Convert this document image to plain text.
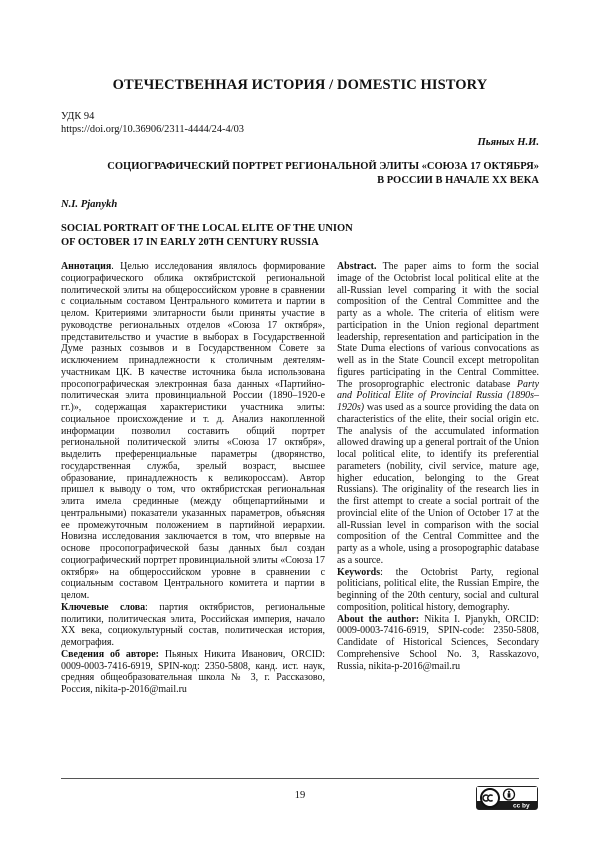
ОТЕЧЕСТВЕННАЯ ИСТОРИЯ / DOMESTIC HISTORY
УДК 94
https://doi.org/10.36906/2311-4444/24-4/03
Пьяных Н.И.
СОЦИОГРАФИЧЕСКИЙ ПОРТРЕТ РЕГИОНАЛЬНОЙ ЭЛИТЫ «СОЮЗА 17 ОКТЯБРЯ»
В РОССИИ В НАЧАЛЕ XX ВЕКА
N.I. Pjanykh
SOCIAL PORTRAIT OF THE LOCAL ELITE OF THE UNION
OF OCTOBER 17 IN EARLY 20TH CENTURY RUSSIA

Аннотация. Целью исследования являлось формирование социографического облика октябристской региональной политической элиты на общероссийском уровне в сравнении с социальным составом Центрального комитета и партии в целом. Критериями элитарности были приняты участие в руководстве региональных отделов «Союза 17 октября», представительство и участие в выборах в Государственной Думе разных созывов и в Государственном Совете за исключением принадлежности к столичным деятелям-участникам ЦК. В качестве источника была использована просопографическая электронная база данных «Партийно-политическая элита провинциальной России (1890–1920-е гг.)», содержащая характеристики участника элиты: социальное происхождение и т. д. Анализ накопленной информации позволил составить общий портрет региональной политической элиты «Союза 17 октября», выделить преференциальные параметры (дворянство, государственная служба, зрелый возраст, высшее образование, принадлежность к великороссам). Автор пришел к выводу о том, что октябристская региональная элита имела срединные (между общепартийными и центральными) показатели указанных параметров, объясняя ее промежуточным положением в партийной иерархии. Новизна исследования заключается в том, что впервые на основе просопографической базы данных был создан социографический портрет провинциальной элиты «Союза 17 октября» на общероссийском уровне в сравнении с социальным составом Центрального комитета и партии в целом.

Ключевые слова: партия октябристов, региональные политики, политическая элита, Российская империя, начало XX века, социокультурный состав, политическая история, демография.

Сведения об авторе: Пьяных Никита Иванович, ORCID: 0009-0003-7416-6919, SPIN-код: 2350-5808, канд. ист. наук, средняя общеобразовательная школа № 3, г. Рассказово, Россия, nikita-p-2016@mail.ru

Abstract. The paper aims to form the social image of the Octobrist local political elite at the all-Russian level comparing it with the social composition of the Central Committee and the party as a whole. The criteria of elitism were participation in the Union regional department leadership, representation and participation in the State Duma elections of various convocations as well as in the State Council except metropolitan figures participating in the Central Committee. The prosoprographic electronic database Party and Political Elite of Provincial Russia (1890s–1920s) was used as a source providing the data on characteristics of the elite, their social origin etc. The analysis of the accumulated information allowed drawing up a general portrait of the Union local political elite, to identify its preferential parameters (nobility, civil service, mature age, higher education, belonging to the Great Russians). The originality of the research lies in the first attempt to create a social portrait of the provincial elite of the Union of October 17 at the all-Russian level in comparison with the social composition of the Central Committee and the party as a whole, using a prosopographic database as a source.

Keywords: the Octobrist Party, regional politicians, political elite, the Russian Empire, the beginning of the 20th century, social and cultural composition, political history, demography.

About the author: Nikita I. Pjanykh, ORCID: 0009-0003-7416-6919, SPIN-code: 2350-5808, Candidate of Historical Sciences, Secondary Comprehensive School No. 3, Rasskazovo, Russia, nikita-p-2016@mail.ru

19
cc by
